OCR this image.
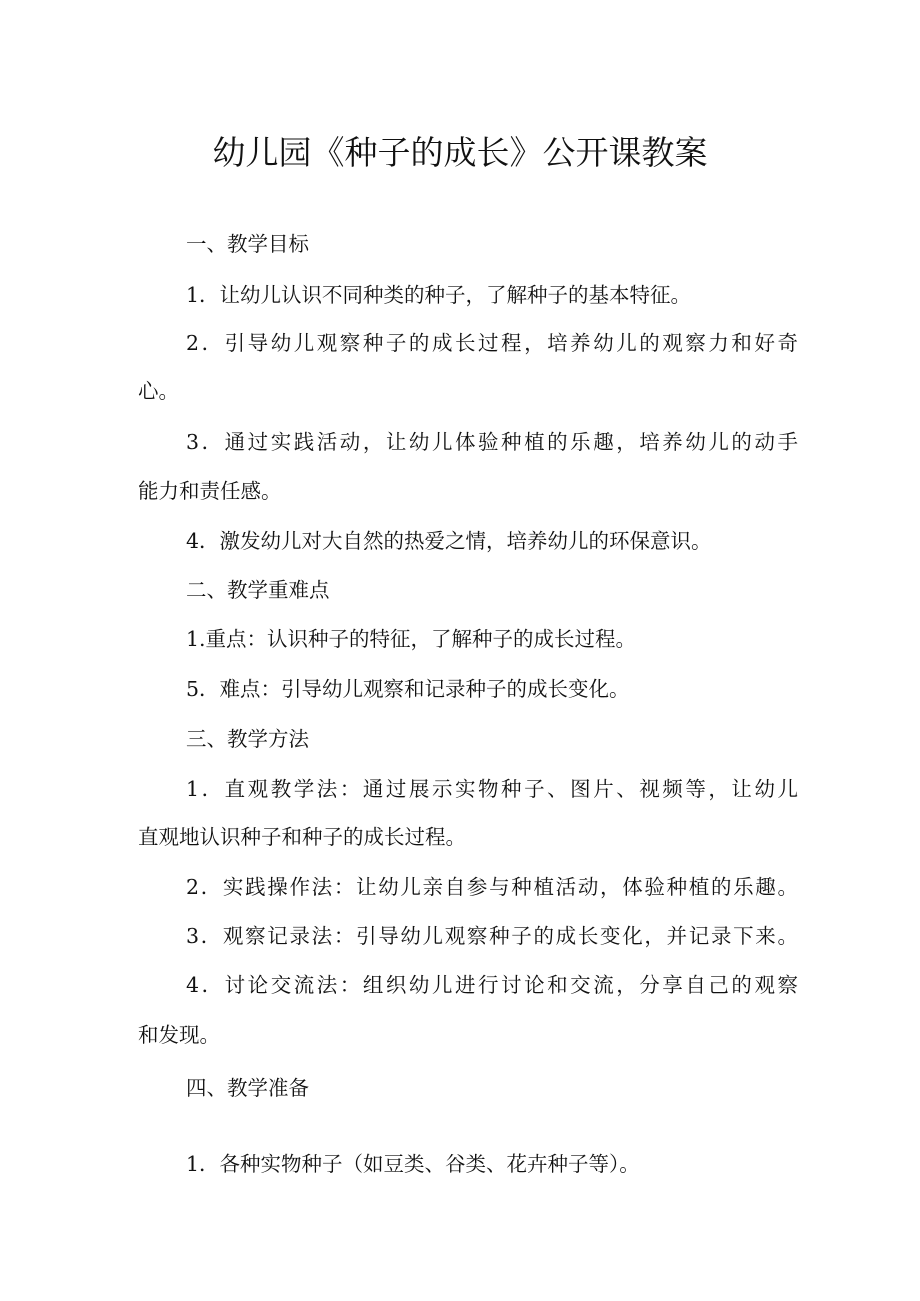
幼儿园《种子的成长》公开课教案

一、教学目标

1．让幼儿认识不同种类的种子，了解种子的基本特征。

2．引导幼儿观察种子的成长过程，培养幼儿的观察力和好奇

心。

3．通过实践活动，让幼儿体验种植的乐趣，培养幼儿的动手

能力和责任感。

4．激发幼儿对大自然的热爱之情，培养幼儿的环保意识。

二、教学重难点

1.重点：认识种子的特征，了解种子的成长过程。

5．难点：引导幼儿观察和记录种子的成长变化。

三、教学方法

1．直观教学法：通过展示实物种子、图片、视频等，让幼儿

直观地认识种子和种子的成长过程。

2．实践操作法：让幼儿亲自参与种植活动，体验种植的乐趣。

3．观察记录法：引导幼儿观察种子的成长变化，并记录下来。

4．讨论交流法：组织幼儿进行讨论和交流，分享自己的观察

和发现。

四、教学准备

1．各种实物种子（如豆类、谷类、花卉种子等）。
